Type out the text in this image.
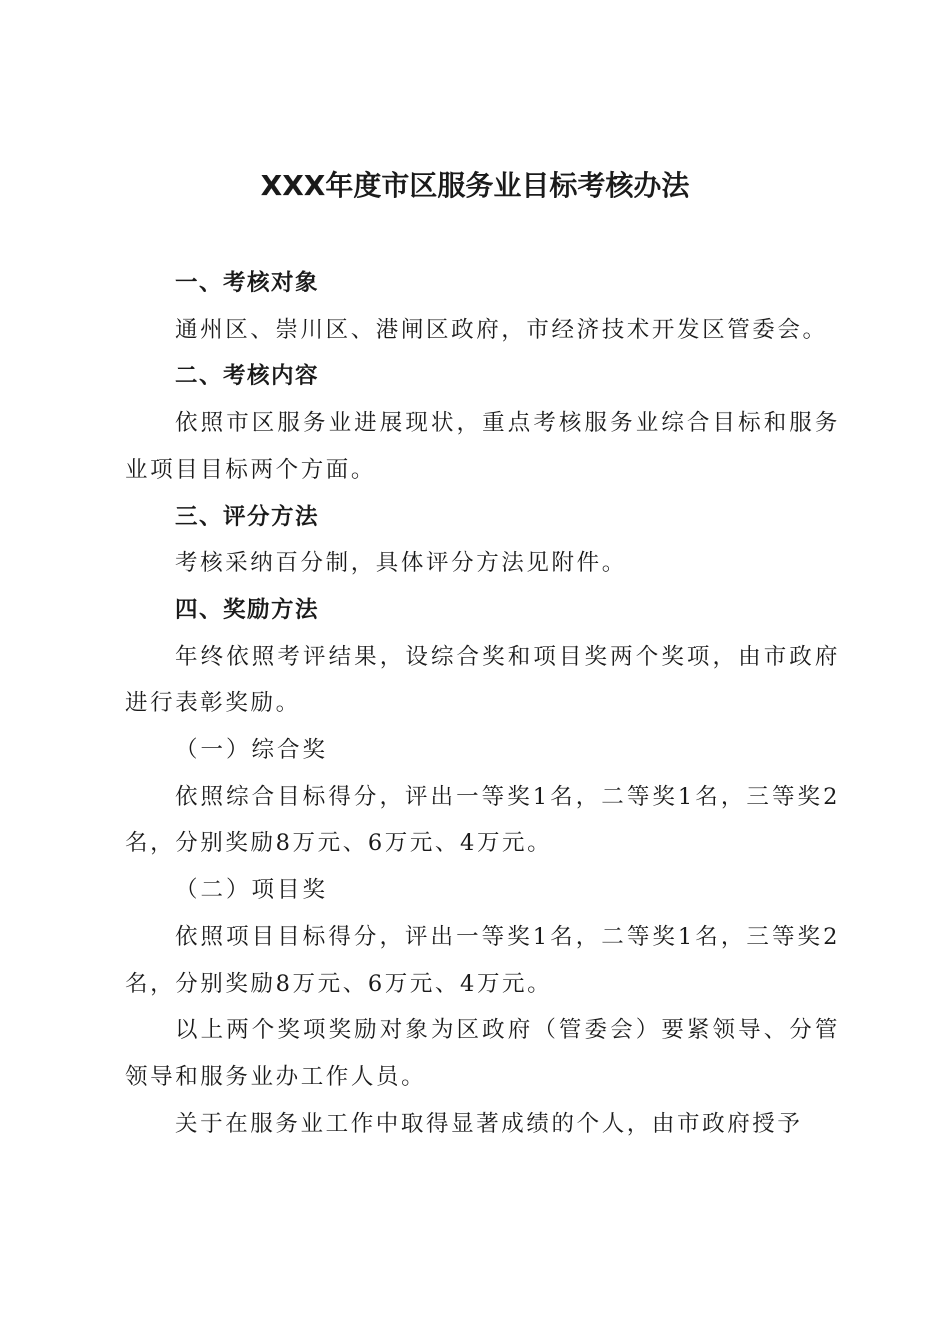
XXX年度市区服务业目标考核办法

一、考核对象

通州区、崇川区、港闸区政府，市经济技术开发区管委会。

二、考核内容

依照市区服务业进展现状，重点考核服务业综合目标和服务业项目目标两个方面。

三、评分方法

考核采纳百分制，具体评分方法见附件。

四、奖励方法

年终依照考评结果，设综合奖和项目奖两个奖项，由市政府进行表彰奖励。

（一）综合奖

依照综合目标得分，评出一等奖1名，二等奖1名，三等奖2名，分别奖励8万元、6万元、4万元。

（二）项目奖

依照项目目标得分，评出一等奖1名，二等奖1名，三等奖2名，分别奖励8万元、6万元、4万元。

以上两个奖项奖励对象为区政府（管委会）要紧领导、分管领导和服务业办工作人员。

关于在服务业工作中取得显著成绩的个人，由市政府授予
